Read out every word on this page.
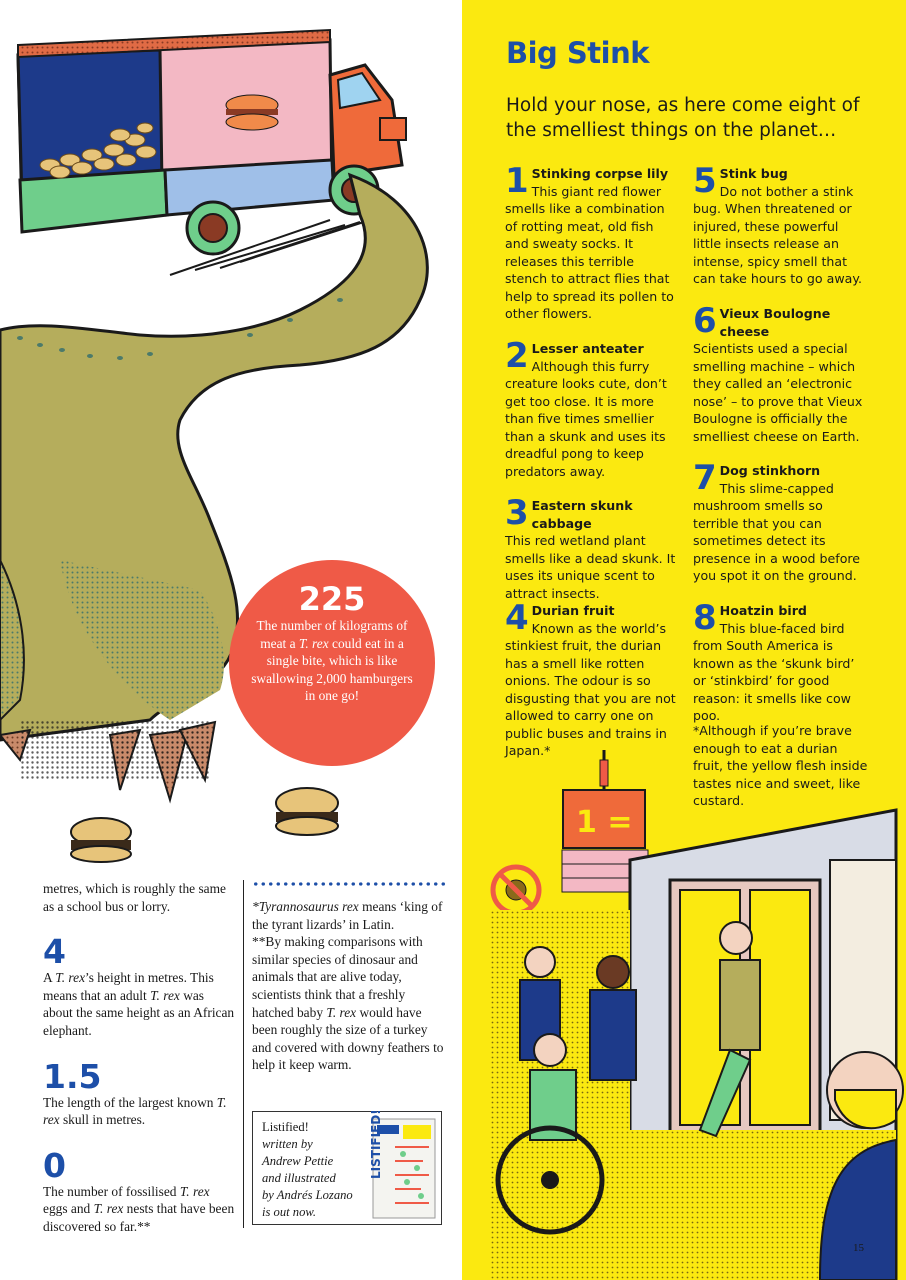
225
The number of kilograms of meat a T. rex could eat in a single bite, which is like swallowing 2,000 hamburgers in one go!
metres, which is roughly the same as a school bus or lorry.
4
A T. rex’s height in metres. This means that an adult T. rex was about the same height as an African elephant.
1.5
The length of the largest known T. rex skull in metres.
0
The number of fossilised T. rex eggs and T. rex nests that have been discovered so far.**
*Tyrannosaurus rex means ‘king of the tyrant lizards’ in Latin.
**By making comparisons with similar species of dinosaur and animals that are alive today, scientists think that a freshly hatched baby T. rex would have been roughly the size of a turkey and covered with downy feathers to help it keep warm.
Listified!
written by
Andrew Pettie
and illustrated
by Andrés Lozano
is out now.
LISTIFIED!
Big Stink
Hold your nose, as here come eight of the smelliest things on the planet…
1 Stinking corpse lily
This giant red flower smells like a combination of rotting meat, old fish and sweaty socks. It releases this terrible stench to attract flies that help to spread its pollen to other flowers.
2 Lesser anteater
Although this furry creature looks cute, don’t get too close. It is more than five times smellier than a skunk and uses its dreadful pong to keep predators away.
3 Eastern skunk cabbage
This red wetland plant smells like a dead skunk. It uses its unique scent to attract insects.
4 Durian fruit
Known as the world’s stinkiest fruit, the durian has a smell like rotten onions. The odour is so disgusting that you are not allowed to carry one on public buses and trains in Japan.*
5 Stink bug
Do not bother a stink bug. When threatened or injured, these powerful little insects release an intense, spicy smell that can take hours to go away.
6 Vieux Boulogne cheese
Scientists used a special smelling machine – which they called an ‘electronic nose’ – to prove that Vieux Boulogne is officially the smelliest cheese on Earth.
7 Dog stinkhorn
This slime-capped mushroom smells so terrible that you can sometimes detect its presence in a wood before you spot it on the ground.
8 Hoatzin bird
This blue-faced bird from South America is known as the ‘skunk bird’ or ‘stinkbird’ for good reason: it smells like cow poo.
*Although if you’re brave enough to eat a durian fruit, the yellow flesh inside tastes nice and sweet, like custard.
1 =
15
